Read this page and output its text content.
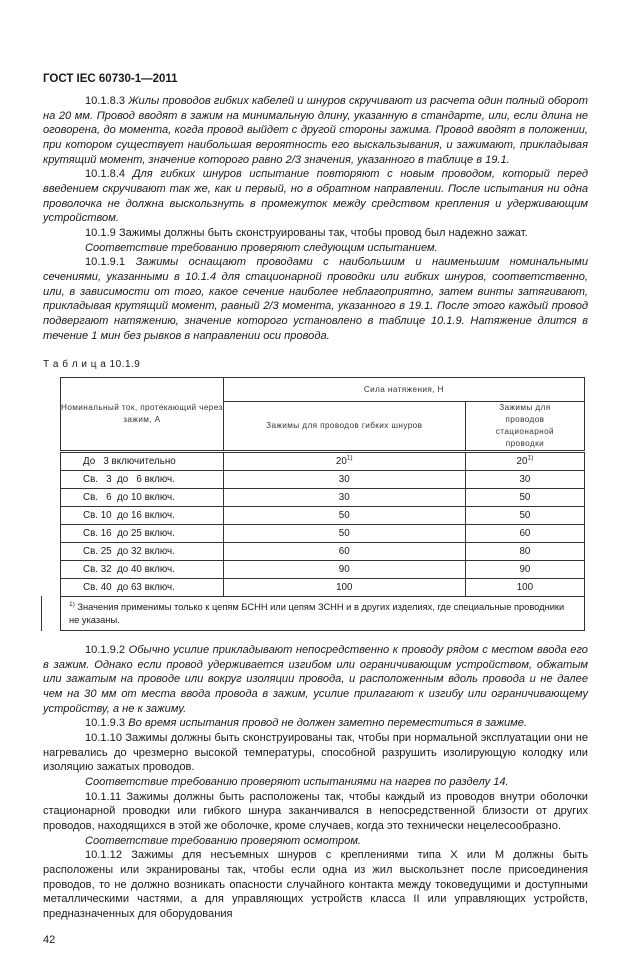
ГОСТ IEC 60730-1—2011

10.1.8.3 Жилы проводов гибких кабелей и шнуров скручивают из расчета один полный оборот на 20 мм. Провод вводят в зажим на минимальную длину, указанную в стандарте, или, если длина не оговорена, до момента, когда провод выйдет с другой стороны зажима. Провод вводят в положении, при котором существует наибольшая вероятность его выскальзывания, и зажимают, прикладывая крутящий момент, значение которого равно 2/3 значения, указанного в таблице в 19.1.

10.1.8.4 Для гибких шнуров испытание повторяют с новым проводом, который перед введением скручивают так же, как и первый, но в обратном направлении. После испытания ни одна проволочка не должна выскользнуть в промежуток между средством крепления и удерживающим устройством.

10.1.9 Зажимы должны быть сконструированы так, чтобы провод был надежно зажат.

Соответствие требованию проверяют следующим испытанием.

10.1.9.1 Зажимы оснащают проводами с наибольшим и наименьшим номинальными сечениями, указанными в 10.1.4 для стационарной проводки или гибких шнуров, соответственно, или, в зависимости от того, какое сечение наиболее неблагоприятно, затем винты затягивают, прикладывая крутящий момент, равный 2/3 момента, указанного в 19.1. После этого каждый провод подвергают натяжению, значение которого установлено в таблице 10.1.9. Натяжение длится в течение 1 мин без рывков в направлении оси провода.

Т а б л и ц а 10.1.9
Номинальный ток, протекающий через зажим, А	Сила натяжения, Н	
	Зажимы для проводов гибких шнуров	Зажимы для проводов стационарной проводки
До   3 включительно	20$^{1)}$	20$^{1)}$
Св.   3  до   6 включ.	30	30
Св.   6  до 10 включ.	30	50
Св. 10  до 16 включ.	50	50
Св. 16  до 25 включ.	50	60
Св. 25  до 32 включ.	60	80
Св. 32  до 40 включ.	90	90
Св. 40  до 63 включ.	100	100
$^{1)}$ Значения применимы только к цепям БСНН или цепям ЗСНН и в других изделиях, где специальные проводники не указаны.		

10.1.9.2 Обычно усилие прикладывают непосредственно к проводу рядом с местом ввода его в зажим. Однако если провод удерживается изгибом или ограничивающим устройством, обжатым или зажатым на проводе или вокруг изоляции провода, и расположенным вдоль провода и не далее чем на 30 мм от места ввода провода в зажим, усилие прилагают к изгибу или ограничивающему устройству, а не к зажиму.

10.1.9.3 Во время испытания провод не должен заметно переместиться в зажиме.

10.1.10 Зажимы должны быть сконструированы так, чтобы при нормальной эксплуатации они не нагревались до чрезмерно высокой температуры, способной разрушить изолирующую колодку или изоляцию зажатых проводов.

Соответствие требованию проверяют испытаниями на нагрев по разделу 14.

10.1.11 Зажимы должны быть расположены так, чтобы каждый из проводов внутри оболочки стационарной проводки или гибкого шнура заканчивался в непосредственной близости от других проводов, находящихся в этой же оболочке, кроме случаев, когда это технически нецелесообразно.

Соответствие требованию проверяют осмотром.

10.1.12 Зажимы для несъемных шнуров с креплениями типа X или M должны быть расположены или экранированы так, чтобы если одна из жил выскользнет после присоединения проводов, то не должно возникать опасности случайного контакта между токоведущими и доступными металлическими частями, а для управляющих устройств класса II или управляющих устройств, предназначенных для оборудования

42
